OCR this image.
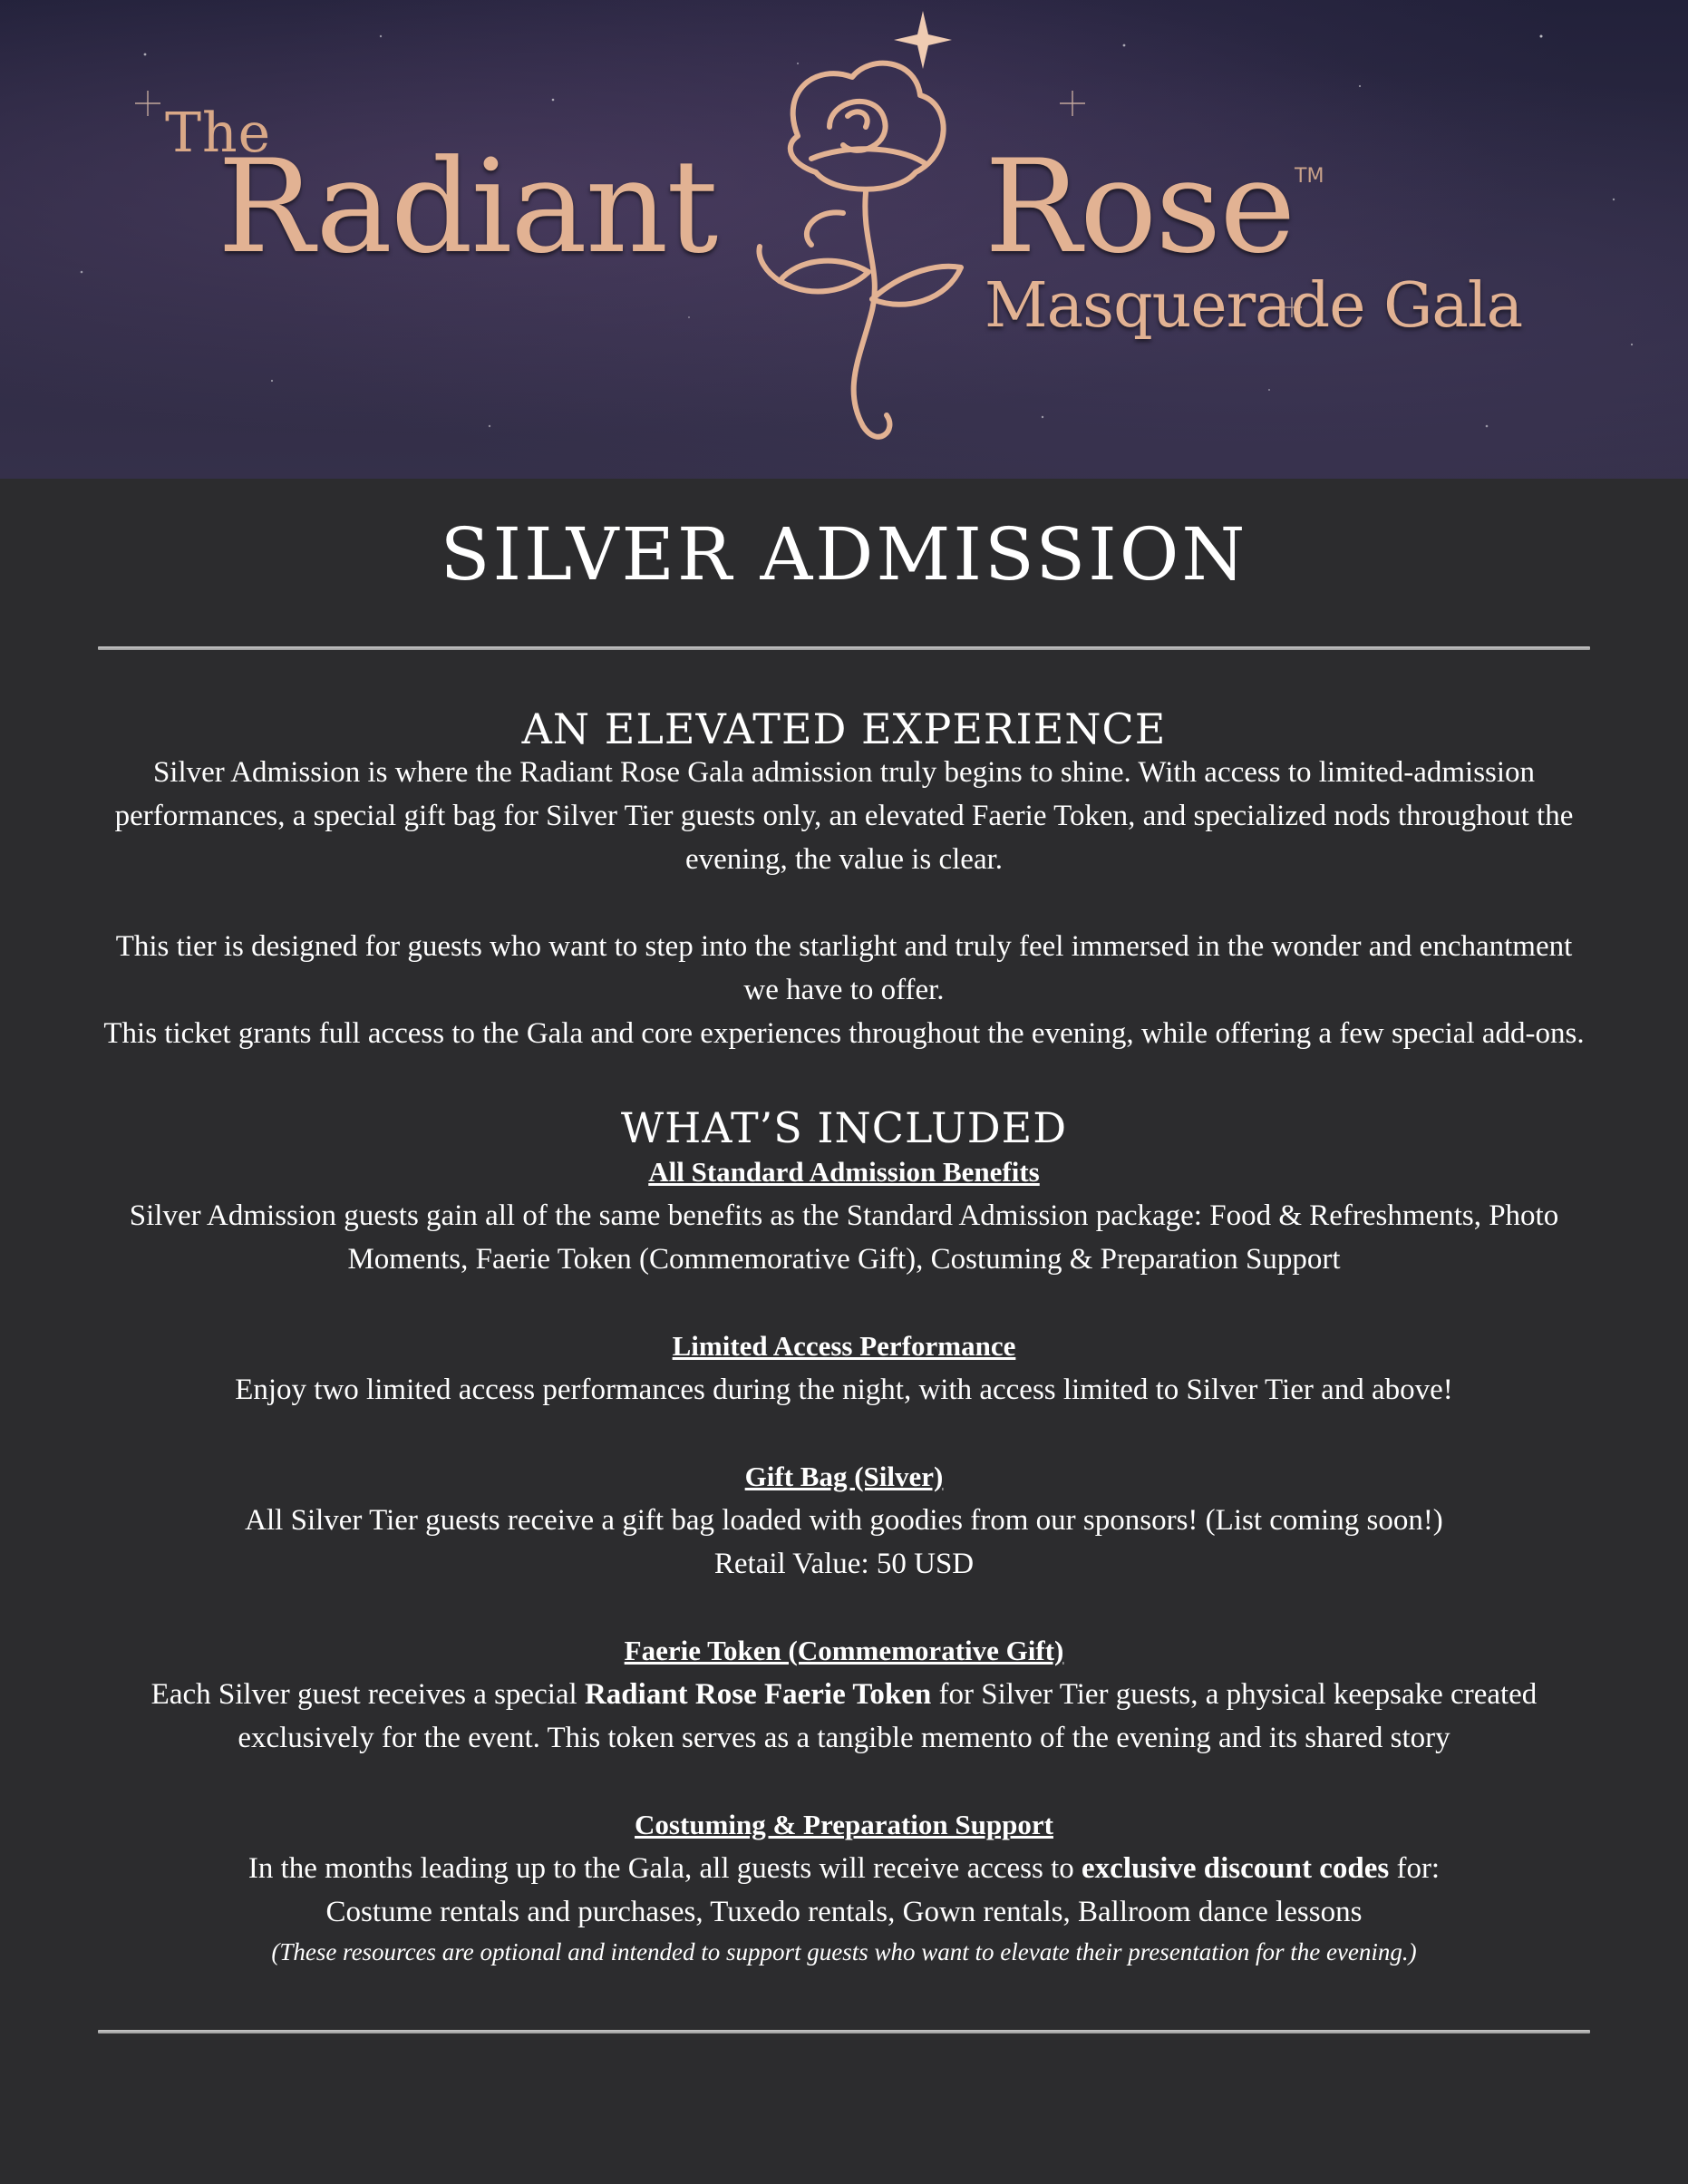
The
Radiant Rose TM
Masquerade Gala
SILVER ADMISSION
AN ELEVATED EXPERIENCE

Silver Admission is where the Radiant Rose Gala admission truly begins to shine. With access to limited-admission performances, a special gift bag for Silver Tier guests only, an elevated Faerie Token, and specialized nods throughout the evening, the value is clear.

This tier is designed for guests who want to step into the starlight and truly feel immersed in the wonder and enchantment we have to offer.

This ticket grants full access to the Gala and core experiences throughout the evening, while offering a few special add-ons.

WHAT’S INCLUDED

All Standard Admission Benefits

Silver Admission guests gain all of the same benefits as the Standard Admission package: Food & Refreshments, Photo Moments, Faerie Token (Commemorative Gift), Costuming & Preparation Support

Limited Access Performance

Enjoy two limited access performances during the night, with access limited to Silver Tier and above!

Gift Bag (Silver)

All Silver Tier guests receive a gift bag loaded with goodies from our sponsors! (List coming soon!)

Retail Value: 50 USD

Faerie Token (Commemorative Gift)

Each Silver guest receives a special Radiant Rose Faerie Token for Silver Tier guests, a physical keepsake created exclusively for the event. This token serves as a tangible memento of the evening and its shared story

Costuming & Preparation Support

In the months leading up to the Gala, all guests will receive access to exclusive discount codes for:

Costume rentals and purchases, Tuxedo rentals, Gown rentals, Ballroom dance lessons

(These resources are optional and intended to support guests who want to elevate their presentation for the evening.)
